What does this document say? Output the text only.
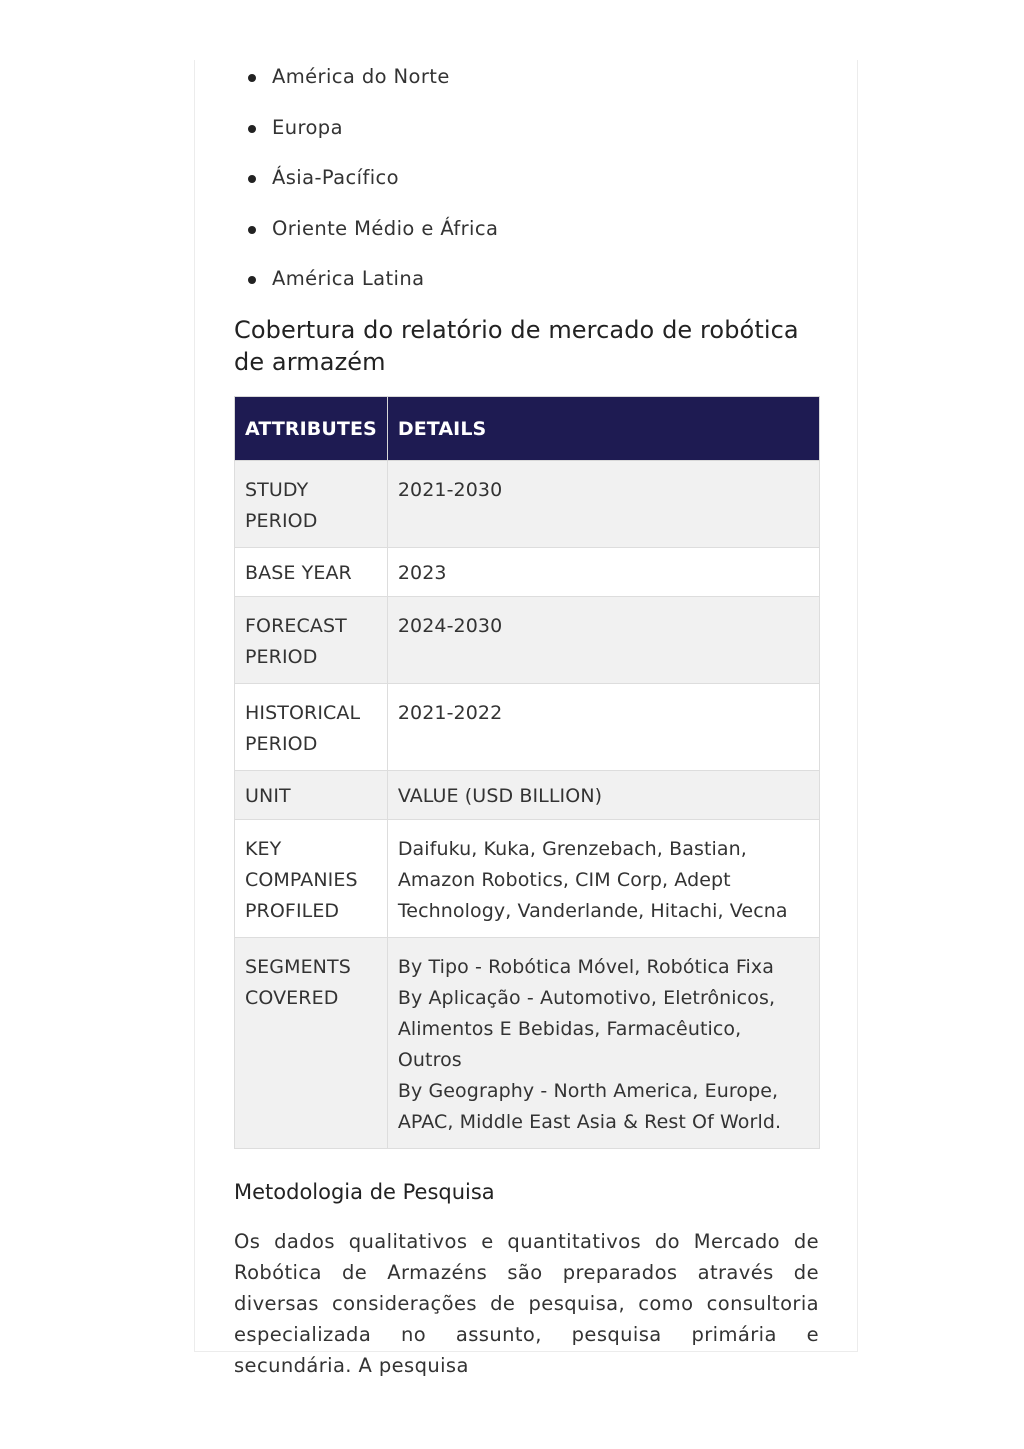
América do Norte
Europa
Ásia-Pacífico
Oriente Médio e África
América Latina
Cobertura do relatório de mercado de robótica de armazém
ATTRIBUTES	DETAILS
STUDY PERIOD	2021-2030
BASE YEAR	2023
FORECAST PERIOD	2024-2030
HISTORICAL PERIOD	2021-2022
UNIT	VALUE (USD BILLION)
KEY COMPANIES PROFILED	Daifuku, Kuka, Grenzebach, Bastian, Amazon Robotics, CIM Corp, Adept Technology, Vanderlande, Hitachi, Vecna
SEGMENTS COVERED	By Tipo - Robótica Móvel, Robótica Fixa
By Aplicação - Automotivo, Eletrônicos, Alimentos E Bebidas, Farmacêutico, Outros
By Geography - North America, Europe, APAC, Middle East Asia & Rest Of World.
Metodologia de Pesquisa

Os dados qualitativos e quantitativos do Mercado de Robótica de Armazéns são preparados através de diversas considerações de pesquisa, como consultoria especializada no assunto, pesquisa primária e secundária. A pesquisa
